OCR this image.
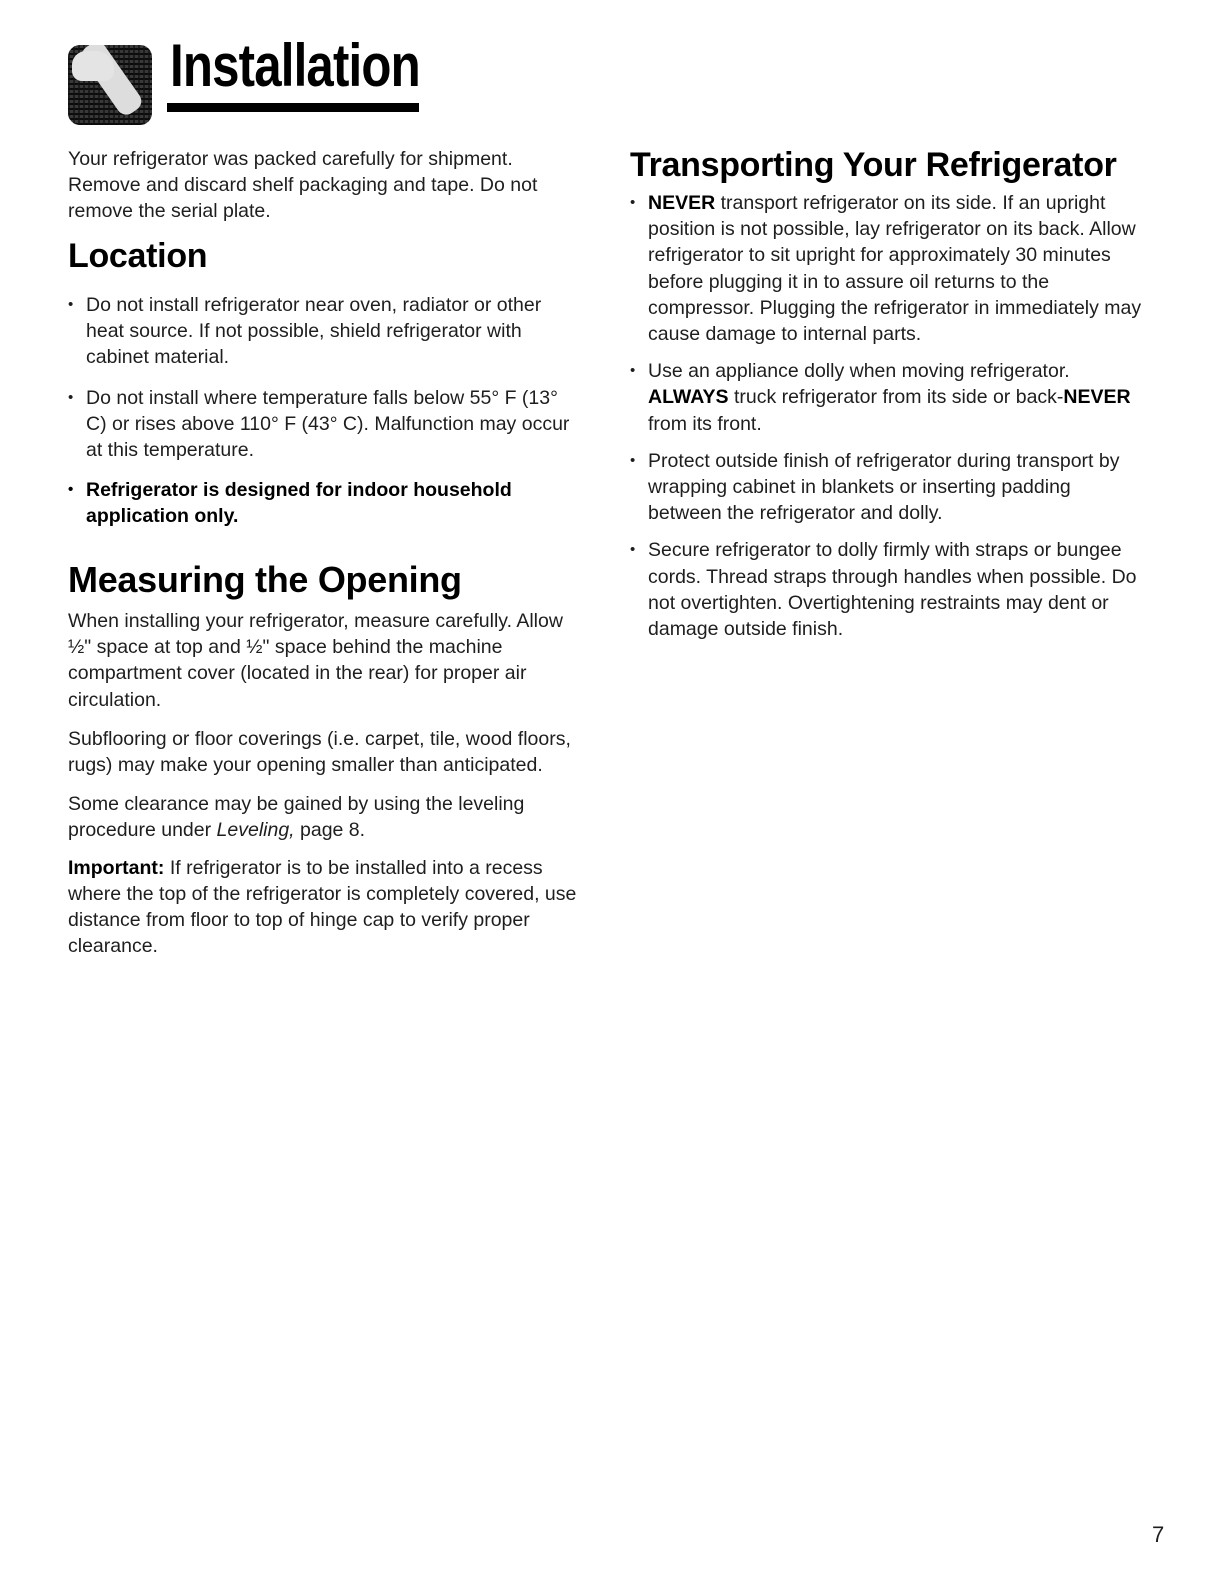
Installation

Your refrigerator was packed carefully for shipment. Remove and discard shelf packaging and tape. Do not remove the serial plate.

Location
• Do not install refrigerator near oven, radiator or other heat source. If not possible, shield refrigerator with cabinet material.
• Do not install where temperature falls below 55° F (13° C) or rises above 110° F (43° C). Malfunction may occur at this temperature.
• Refrigerator is designed for indoor household application only.
Measuring the Opening

When installing your refrigerator, measure carefully. Allow ½" space at top and ½" space behind the machine compartment cover (located in the rear) for proper air circulation.

Subflooring or floor coverings (i.e. carpet, tile, wood floors, rugs) may make your opening smaller than anticipated.

Some clearance may be gained by using the leveling procedure under Leveling, page 8.

Important: If refrigerator is to be installed into a recess where the top of the refrigerator is completely covered, use distance from floor to top of hinge cap to verify proper clearance.

Transporting Your Refrigerator
• NEVER transport refrigerator on its side. If an upright position is not possible, lay refrigerator on its back. Allow refrigerator to sit upright for approximately 30 minutes before plugging it in to assure oil returns to the compressor. Plugging the refrigerator in immediately may cause damage to internal parts.
• Use an appliance dolly when moving refrigerator. ALWAYS truck refrigerator from its side or back-NEVER from its front.
• Protect outside finish of refrigerator during transport by wrapping cabinet in blankets or inserting padding between the refrigerator and dolly.
• Secure refrigerator to dolly firmly with straps or bungee cords. Thread straps through handles when possible. Do not overtighten. Overtightening restraints may dent or damage outside finish.
7
